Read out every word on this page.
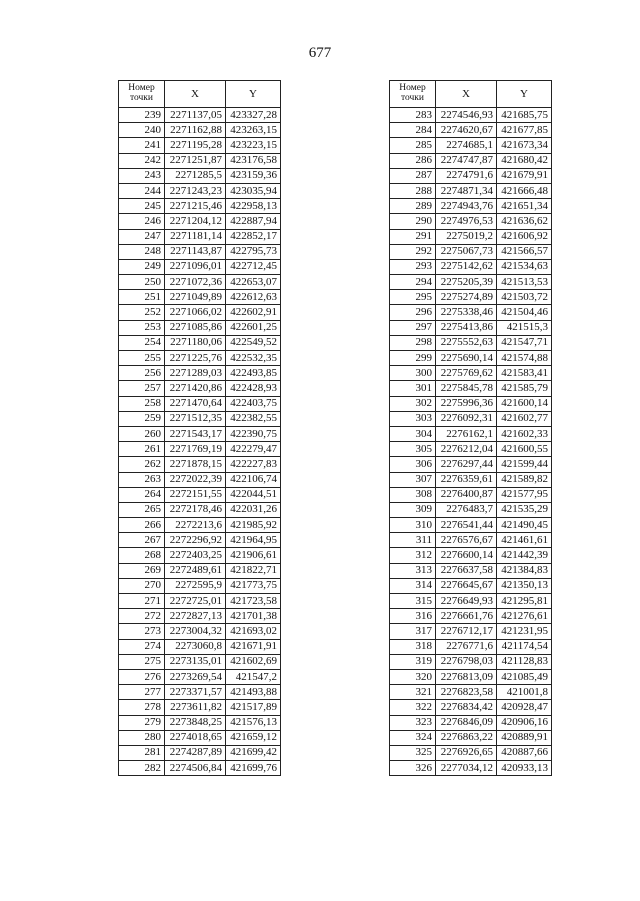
677
Номер
точки	X	Y
239	2271137,05	423327,28
240	2271162,88	423263,15
241	2271195,28	423223,15
242	2271251,87	423176,58
243	2271285,5	423159,36
244	2271243,23	423035,94
245	2271215,46	422958,13
246	2271204,12	422887,94
247	2271181,14	422852,17
248	2271143,87	422795,73
249	2271096,01	422712,45
250	2271072,36	422653,07
251	2271049,89	422612,63
252	2271066,02	422602,91
253	2271085,86	422601,25
254	2271180,06	422549,52
255	2271225,76	422532,35
256	2271289,03	422493,85
257	2271420,86	422428,93
258	2271470,64	422403,75
259	2271512,35	422382,55
260	2271543,17	422390,75
261	2271769,19	422279,47
262	2271878,15	422227,83
263	2272022,39	422106,74
264	2272151,55	422044,51
265	2272178,46	422031,26
266	2272213,6	421985,92
267	2272296,92	421964,95
268	2272403,25	421906,61
269	2272489,61	421822,71
270	2272595,9	421773,75
271	2272725,01	421723,58
272	2272827,13	421701,38
273	2273004,32	421693,02
274	2273060,8	421671,91
275	2273135,01	421602,69
276	2273269,54	421547,2
277	2273371,57	421493,88
278	2273611,82	421517,89
279	2273848,25	421576,13
280	2274018,65	421659,12
281	2274287,89	421699,42
282	2274506,84	421699,76
Номер
точки	X	Y
283	2274546,93	421685,75
284	2274620,67	421677,85
285	2274685,1	421673,34
286	2274747,87	421680,42
287	2274791,6	421679,91
288	2274871,34	421666,48
289	2274943,76	421651,34
290	2274976,53	421636,62
291	2275019,2	421606,92
292	2275067,73	421566,57
293	2275142,62	421534,63
294	2275205,39	421513,53
295	2275274,89	421503,72
296	2275338,46	421504,46
297	2275413,86	421515,3
298	2275552,63	421547,71
299	2275690,14	421574,88
300	2275769,62	421583,41
301	2275845,78	421585,79
302	2275996,36	421600,14
303	2276092,31	421602,77
304	2276162,1	421602,33
305	2276212,04	421600,55
306	2276297,44	421599,44
307	2276359,61	421589,82
308	2276400,87	421577,95
309	2276483,7	421535,29
310	2276541,44	421490,45
311	2276576,67	421461,61
312	2276600,14	421442,39
313	2276637,58	421384,83
314	2276645,67	421350,13
315	2276649,93	421295,81
316	2276661,76	421276,61
317	2276712,17	421231,95
318	2276771,6	421174,54
319	2276798,03	421128,83
320	2276813,09	421085,49
321	2276823,58	421001,8
322	2276834,42	420928,47
323	2276846,09	420906,16
324	2276863,22	420889,91
325	2276926,65	420887,66
326	2277034,12	420933,13
